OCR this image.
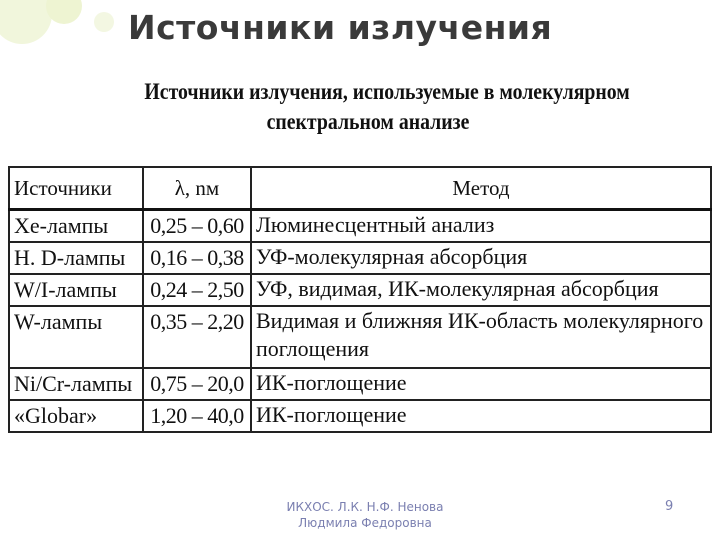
Источники излучения
Источники излучения, используемые в молекулярном
спектральном анализе
Источники	λ, nм	Метод
Хе-лампы	0,25 – 0,60	Люминесцентный анализ
Н. D-лампы	0,16 – 0,38	УФ-молекулярная абсорбция
W/I-лампы	0,24 – 2,50	УФ, видимая, ИК-молекулярная абсорбция
W-лампы	0,35 – 2,20	Видимая и ближняя ИК-область молекулярного поглощения
Ni/Cr-лампы	0,75 – 20,0	ИК-поглощение
«Globar»	1,20 – 40,0	ИК-поглощение
ИКХОС. Л.К. Н.Ф. Ненова
Людмила Федоровна
9
